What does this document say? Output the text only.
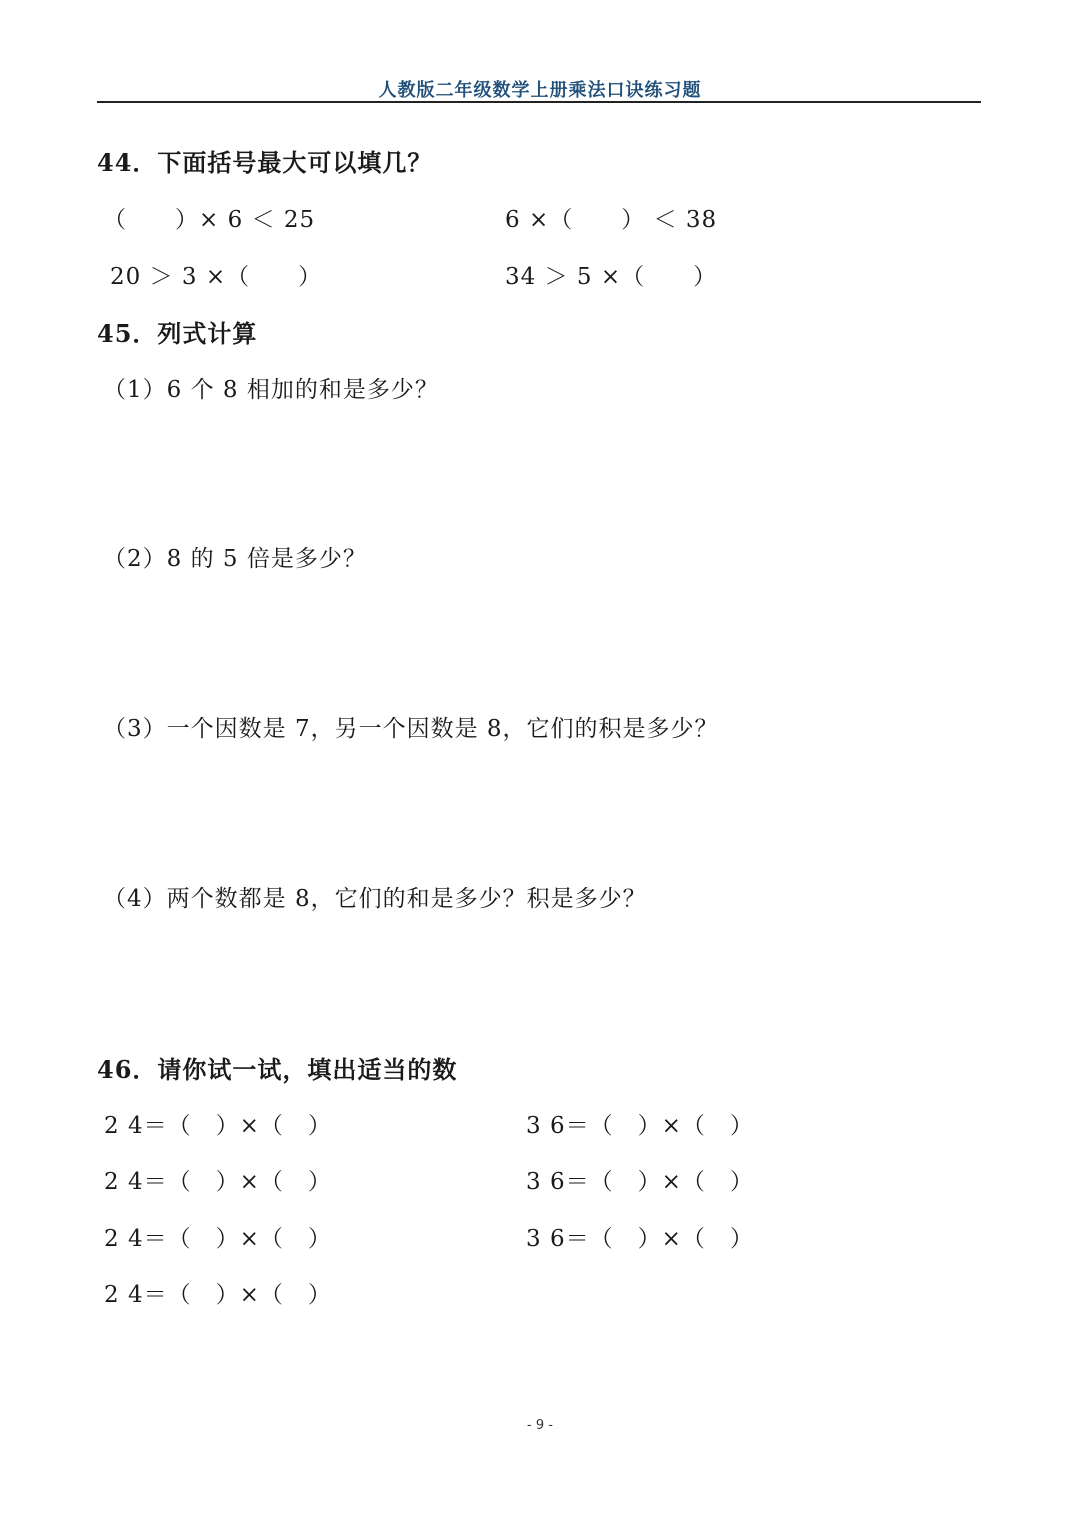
人教版二年级数学上册乘法口诀练习题
44．下面括号最大可以填几？
（　　）× 6 ＜ 25	6 ×（　　） ＜ 38
20 ＞ 3 ×（　　）	34 ＞ 5 ×（　　）
45．列式计算
（1）6 个 8 相加的和是多少？
（2）8 的 5 倍是多少？
（3）一个因数是 7，另一个因数是 8，它们的积是多少？
（4）两个数都是 8，它们的和是多少？积是多少？
46．请你试一试，填出适当的数
2 4＝（　）×（　）
2 4＝（　）×（　）
2 4＝（　）×（　）
2 4＝（　）×（　）
3 6＝（　）×（　）
3 6＝（　）×（　）
3 6＝（　）×（　）
- 9 -
